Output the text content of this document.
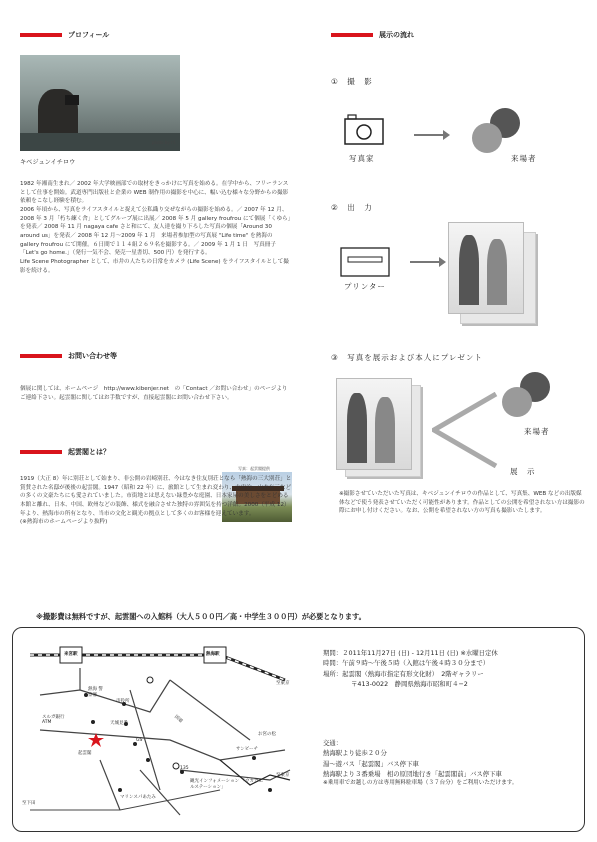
プロフィール
photo by r.f.
キベジュンイチロウ

1982 年湘南生まれ／ 2002 年大学映画部での取材をきっかけに写真を始める。在学中から、フリーランスとして仕事を開始。武道専門出版社と企業の WEB 制作用の撮影を中心に、幅い込む様々な分野からの撮影依頼をこなし経験を積む。

2006 年頃から、写真をライフスタイルと捉えて公私織り交ぜながらの撮影を始める。／ 2007 年 12 月、2008 年 3 月「朽ち練く舎」としてグループ展に出展／ 2008 年 5 月 gallery froufrou にて個展「くゆら」を発表／ 2008 年 11 月 nagaya cafe さと和にて、友人達を撮り下ろした写真の個展「Around 30 around us」を発表／ 2008 年 12 月〜2009 年 1 月　来場者参加型の写真展 "Life time" を熱海の gallery froufrou にて開催。６日間で１１４組２６９名を撮影する。／ 2009 年 1 月 1 日　写真冊子「Let's go home.」（発行一気不会、発売一星書切、500 円）を発行する。

Life Scene Photographer として、市井の人たちの日常をカメラ (Life Scene) をライフスタイルとして撮影を続ける。

お問い合わせ等
個展に関しては、ホームページ　http://www.kibenjer.net　の「Contact ／お問い合わせ」のページよりご連絡下さい。起雲閣に関してはお手数ですが、直接起雲閣にお問い合わせ下さい。
起雲閣とは？
写真：起雲閣提供

1919（大正 8）年に別荘として始まり、非公開の岩崎別荘、今はなき住友別荘となら「熱海の三大別荘」と賞賛された名邸が後後の起雲閣。1947（昭和 22 年）に、旅館として生まれ変わり、太宰治・山本有三などの多くの文豪たちにも愛されていました。市街地とは思えない緑豊かな庭園、日本家屋の美しさをとどめる本館と離れ、日本、中国、欧州などの装飾、様式を融合させた独特の雰囲気を持つ洋館。2000（平成 12）年より、熱海市の所有となり、当市の文化と観光の拠点として多くのお客様を迎えています。

(※熱海市のホームページより抜粋)

展示の流れ
①　撮　影
写真家	来場者
②　出　力
プリンター
③　写真を展示および本人にプレゼント
来場者
展　示
※撮影させていただいた写真は、キベジュンイチロウの作品として、写真集、WEB などの出版媒体などで使う発表させていただく可能性があります。作品としての公開を希望されない方は撮影の際にお申し付けください。なお、公開を希望されない方の写真も撮影いたします。
※撮影費は無料ですが、起雲閣への入館料（大人５００円／高・中学生３００円）が必要となります。
来宮駅	熱海駅
熱海 警察署
市役所
スルガ銀行 ATM	天城見番
起雲閣
GS
国道
サンビーチ
至東京
至東京
お宮の松
135
観光インフォメーション 「ウカガエルステーション」
マリンスパあたみ
至下田
期間：２011年11月27日 (日) - 12月11日 (日) ※水曜日定休
時間：午前９時〜午後５時（入館は午後４時３０分まで）
場所：起雲閣（熱海市指定有形文化財）　2階ギャラリー
〒413-0022　静岡県熱海市昭和町４−2
交通：
熱海駅より徒歩２０分
湯〜遊バス「起雲閣」バス停下車
熱海駅より３番乗場　相の原団地行き「起雲閣前」バス停下車
※乗用車でお越しの方は専用無料駐車場（３７台分）をご利用いただけます。
